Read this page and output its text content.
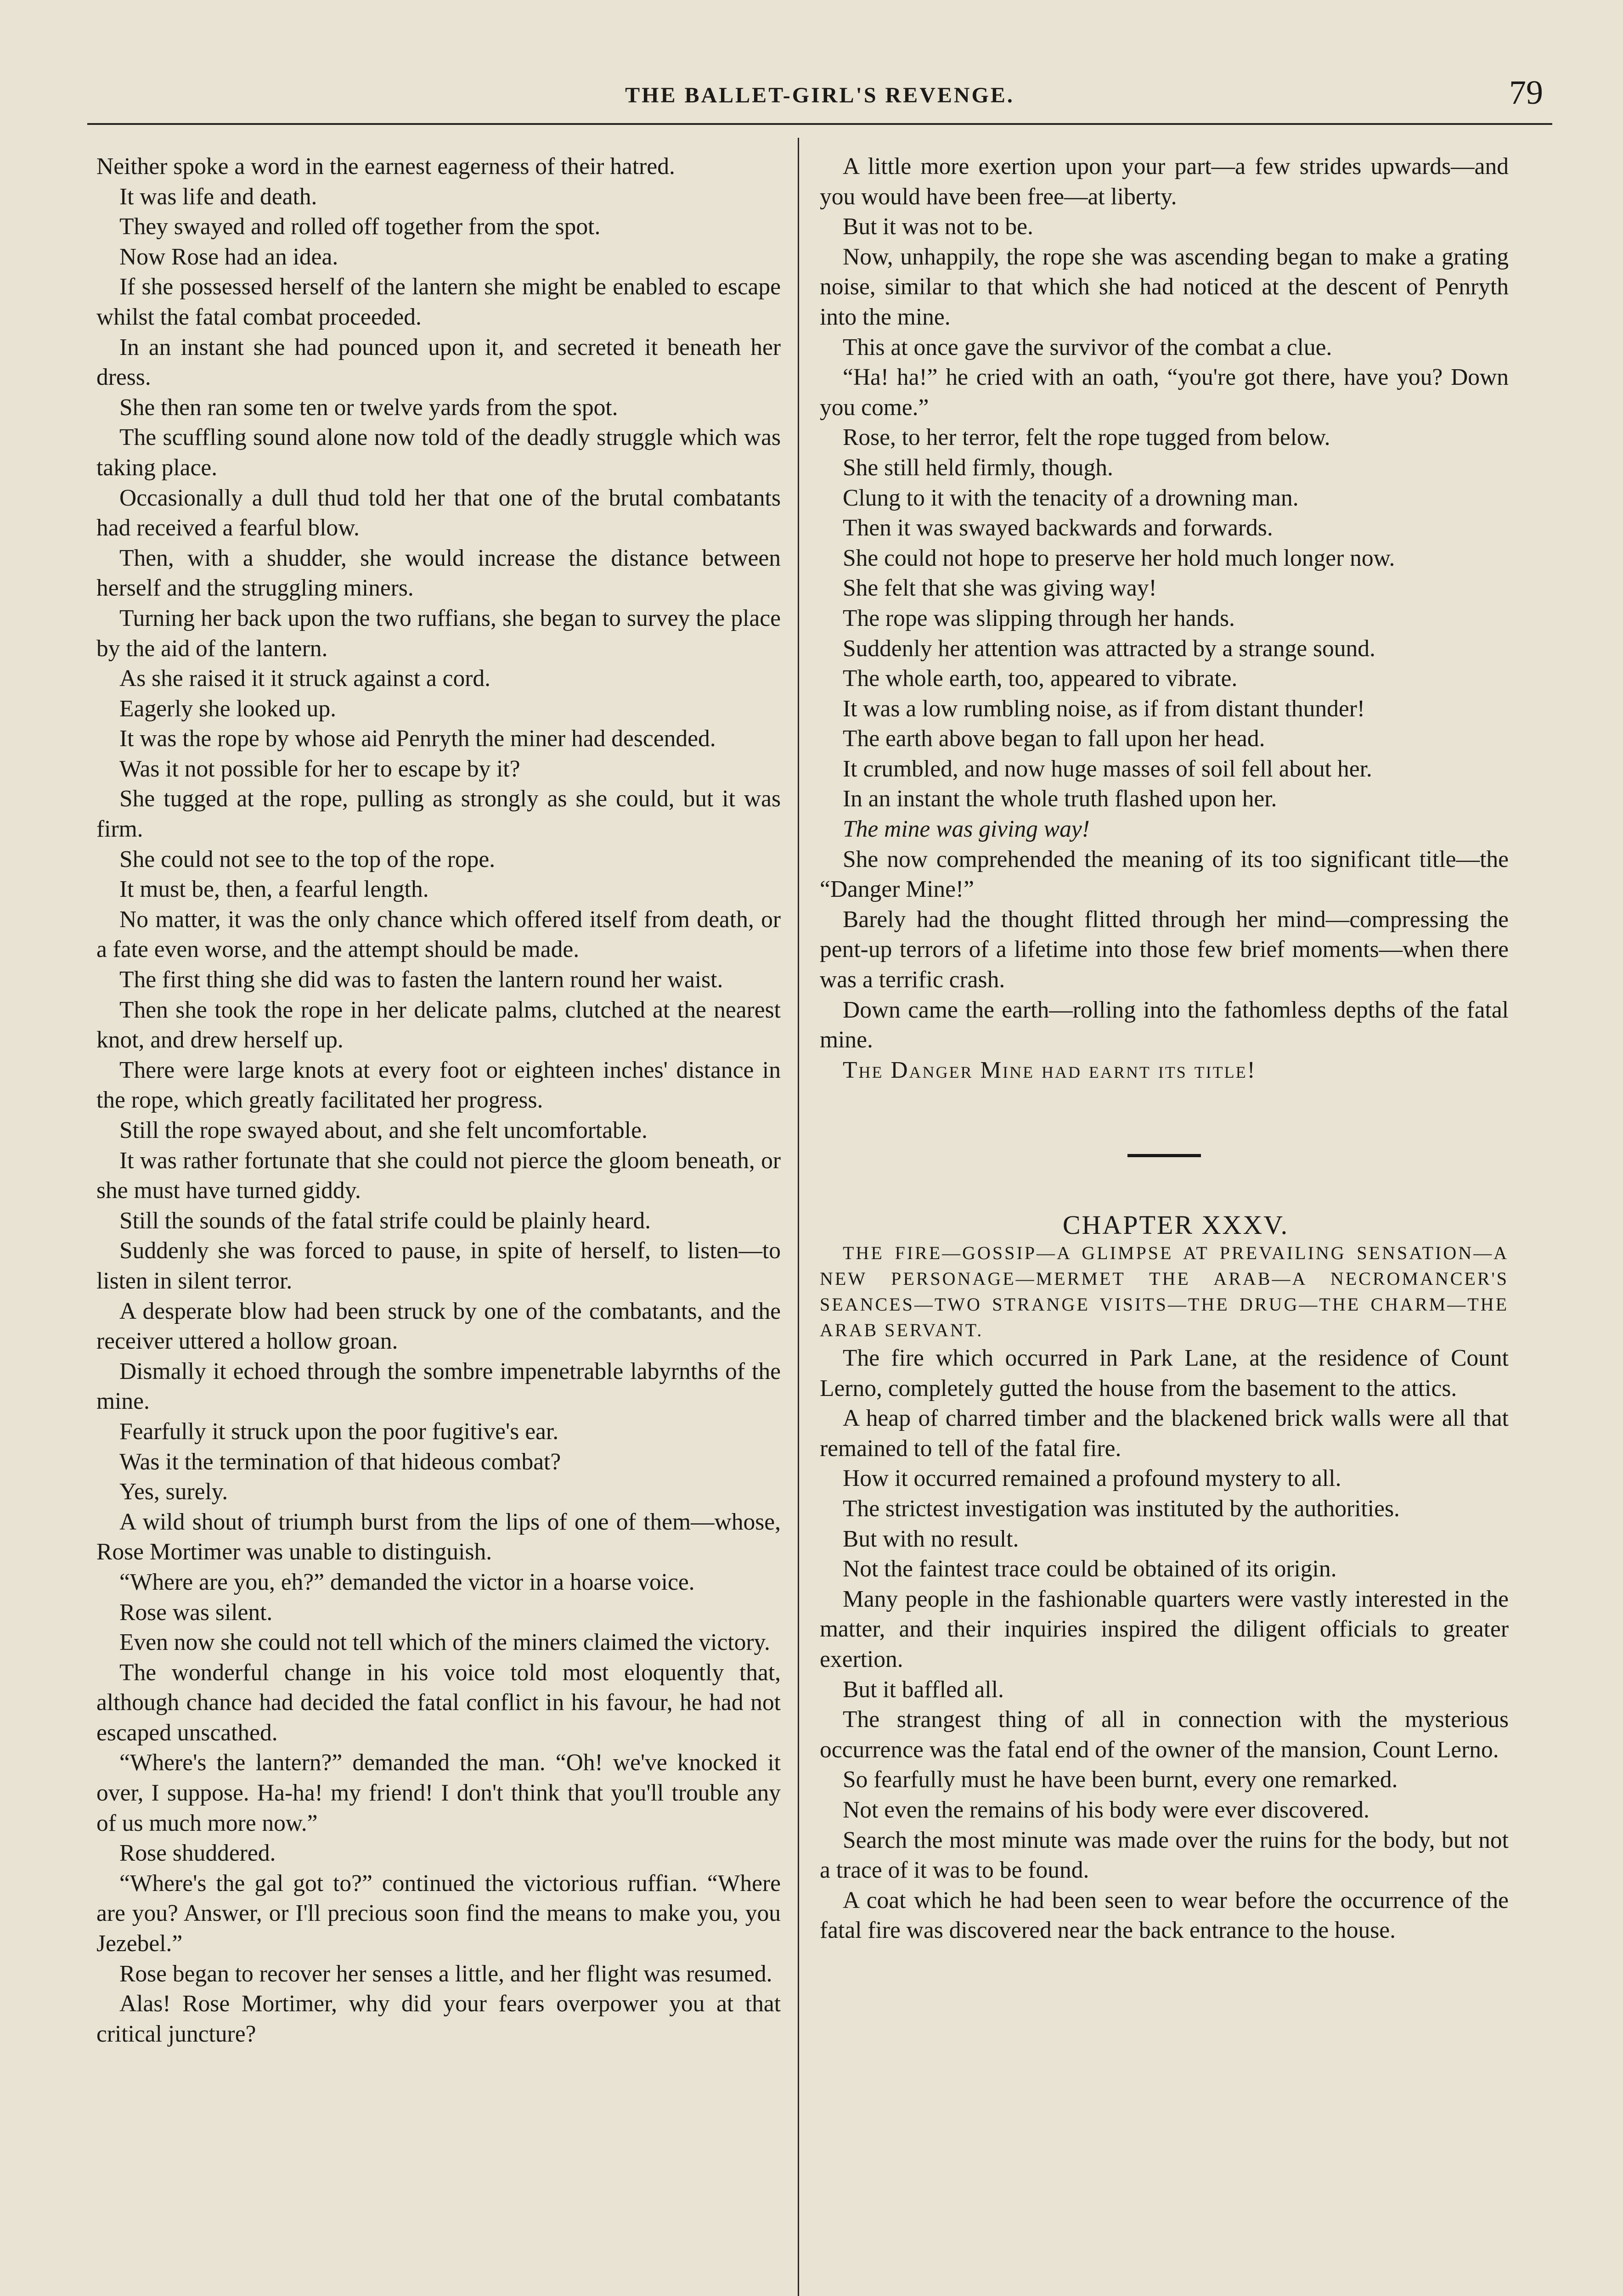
THE BALLET-GIRL'S REVENGE.	79

Neither spoke a word in the earnest eagerness of their hatred.

It was life and death.

They swayed and rolled off together from the spot.

Now Rose had an idea.

If she possessed herself of the lantern she might be enabled to escape whilst the fatal combat proceeded.

In an instant she had pounced upon it, and secreted it beneath her dress.

She then ran some ten or twelve yards from the spot.

The scuffling sound alone now told of the deadly struggle which was taking place.

Occasionally a dull thud told her that one of the brutal combatants had received a fearful blow.

Then, with a shudder, she would increase the distance between herself and the struggling miners.

Turning her back upon the two ruffians, she began to survey the place by the aid of the lantern.

As she raised it it struck against a cord.

Eagerly she looked up.

It was the rope by whose aid Penryth the miner had descended.

Was it not possible for her to escape by it?

She tugged at the rope, pulling as strongly as she could, but it was firm.

She could not see to the top of the rope.

It must be, then, a fearful length.

No matter, it was the only chance which offered itself from death, or a fate even worse, and the attempt should be made.

The first thing she did was to fasten the lantern round her waist.

Then she took the rope in her delicate palms, clutched at the nearest knot, and drew herself up.

There were large knots at every foot or eighteen inches' distance in the rope, which greatly facilitated her progress.

Still the rope swayed about, and she felt uncomfortable.

It was rather fortunate that she could not pierce the gloom beneath, or she must have turned giddy.

Still the sounds of the fatal strife could be plainly heard.

Suddenly she was forced to pause, in spite of herself, to listen—to listen in silent terror.

A desperate blow had been struck by one of the combatants, and the receiver uttered a hollow groan.

Dismally it echoed through the sombre impenetrable labyrnths of the mine.

Fearfully it struck upon the poor fugitive's ear.

Was it the termination of that hideous combat?

Yes, surely.

A wild shout of triumph burst from the lips of one of them—whose, Rose Mortimer was unable to distinguish.

“Where are you, eh?” demanded the victor in a hoarse voice.

Rose was silent.

Even now she could not tell which of the miners claimed the victory.

The wonderful change in his voice told most eloquently that, although chance had decided the fatal conflict in his favour, he had not escaped unscathed.

“Where's the lantern?” demanded the man. “Oh! we've knocked it over, I suppose. Ha-ha! my friend! I don't think that you'll trouble any of us much more now.”

Rose shuddered.

“Where's the gal got to?” continued the victorious ruffian. “Where are you? Answer, or I'll precious soon find the means to make you, you Jezebel.”

Rose began to recover her senses a little, and her flight was resumed.

Alas! Rose Mortimer, why did your fears overpower you at that critical juncture?

A little more exertion upon your part—a few strides upwards—and you would have been free—at liberty.

But it was not to be.

Now, unhappily, the rope she was ascending began to make a grating noise, similar to that which she had noticed at the descent of Penryth into the mine.

This at once gave the survivor of the combat a clue.

“Ha! ha!” he cried with an oath, “you're got there, have you? Down you come.”

Rose, to her terror, felt the rope tugged from below.

She still held firmly, though.

Clung to it with the tenacity of a drowning man.

Then it was swayed backwards and forwards.

She could not hope to preserve her hold much longer now.

She felt that she was giving way!

The rope was slipping through her hands.

Suddenly her attention was attracted by a strange sound.

The whole earth, too, appeared to vibrate.

It was a low rumbling noise, as if from distant thunder!

The earth above began to fall upon her head.

It crumbled, and now huge masses of soil fell about her.

In an instant the whole truth flashed upon her.

The mine was giving way!

She now comprehended the meaning of its too significant title—the “Danger Mine!”

Barely had the thought flitted through her mind—compressing the pent-up terrors of a lifetime into those few brief moments—when there was a terrific crash.

Down came the earth—rolling into the fathomless depths of the fatal mine.

The Danger Mine had earnt its title!

CHAPTER XXXV.

THE FIRE—GOSSIP—A GLIMPSE AT PREVAILING SENSATION—A NEW PERSONAGE—MERMET THE ARAB—A NECROMANCER'S SEANCES—TWO STRANGE VISITS—THE DRUG—THE CHARM—THE ARAB SERVANT.

The fire which occurred in Park Lane, at the residence of Count Lerno, completely gutted the house from the basement to the attics.

A heap of charred timber and the blackened brick walls were all that remained to tell of the fatal fire.

How it occurred remained a profound mystery to all.

The strictest investigation was instituted by the authorities.

But with no result.

Not the faintest trace could be obtained of its origin.

Many people in the fashionable quarters were vastly interested in the matter, and their inquiries inspired the diligent officials to greater exertion.

But it baffled all.

The strangest thing of all in connection with the mysterious occurrence was the fatal end of the owner of the mansion, Count Lerno.

So fearfully must he have been burnt, every one remarked.

Not even the remains of his body were ever discovered.

Search the most minute was made over the ruins for the body, but not a trace of it was to be found.

A coat which he had been seen to wear before the occurrence of the fatal fire was discovered near the back entrance to the house.
